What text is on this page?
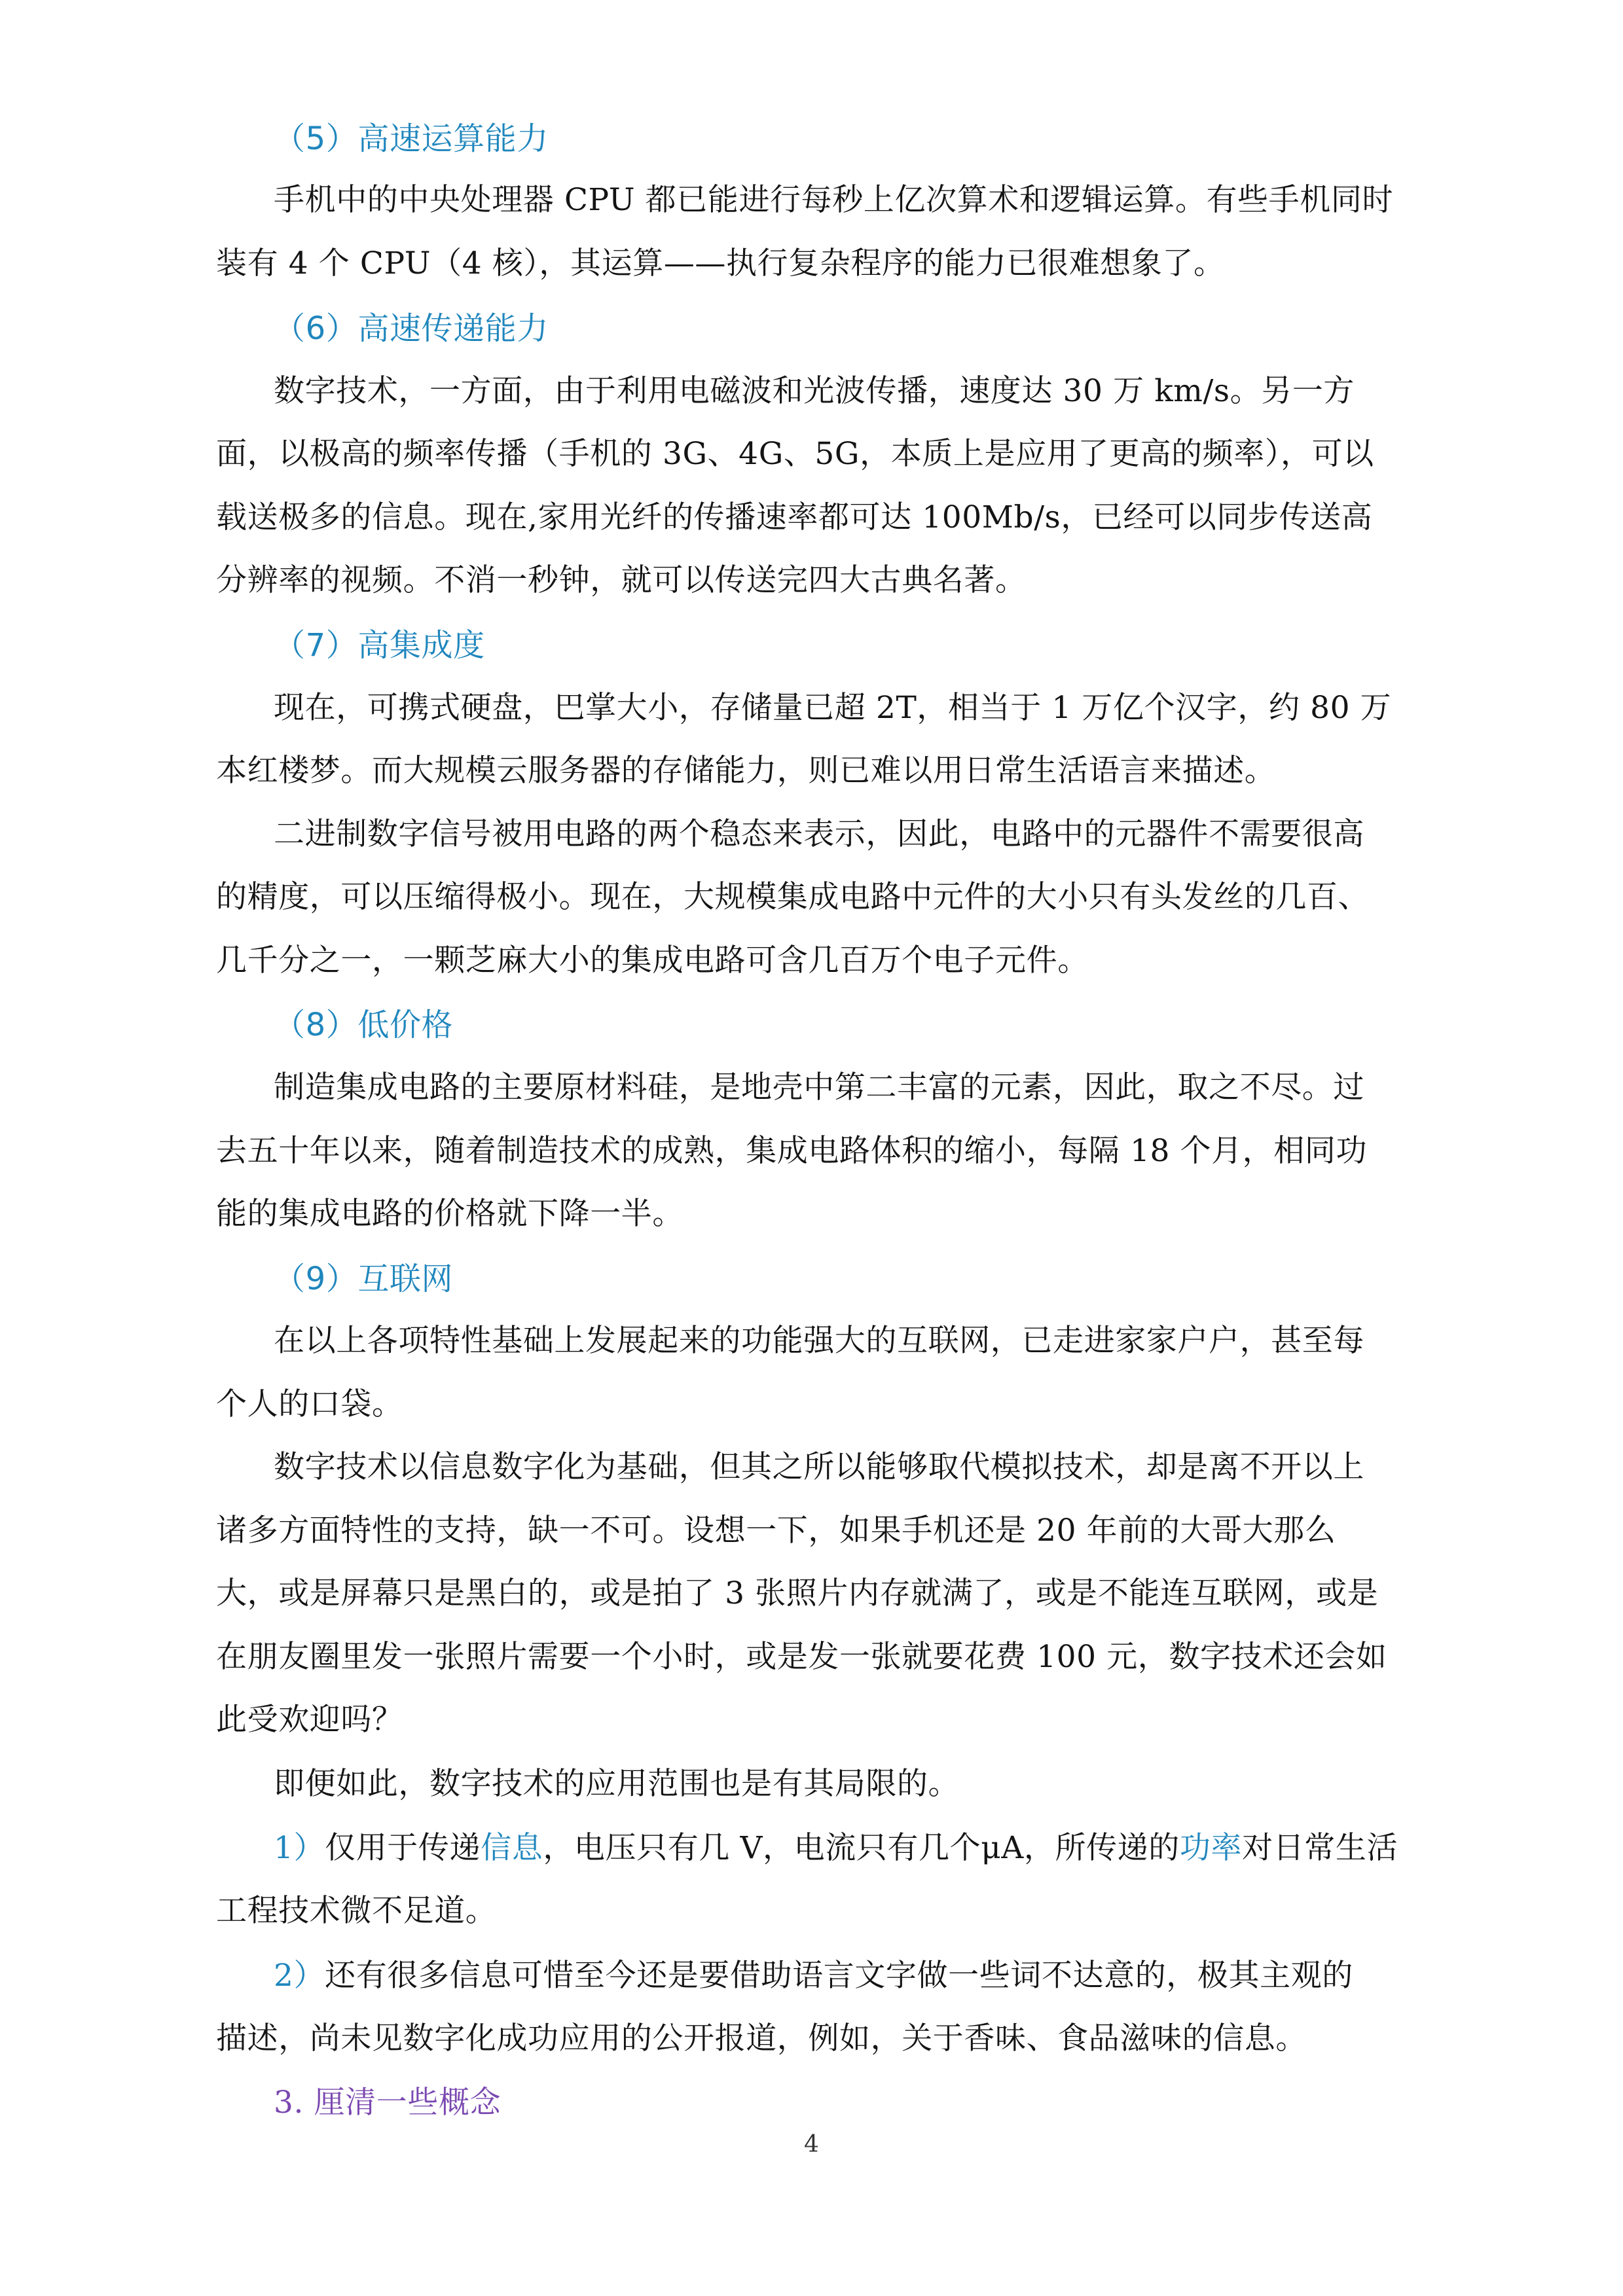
（5）高速运算能力

手机中的中央处理器 CPU 都已能进行每秒上亿次算术和逻辑运算。有些手机同时

装有 4 个 CPU（4 核），其运算——执行复杂程序的能力已很难想象了。

（6）高速传递能力

数字技术，一方面，由于利用电磁波和光波传播，速度达 30 万 km/s。另一方

面，以极高的频率传播（手机的 3G、4G、5G，本质上是应用了更高的频率），可以

载送极多的信息。现在,家用光纤的传播速率都可达 100Mb/s，已经可以同步传送高

分辨率的视频。不消一秒钟，就可以传送完四大古典名著。

（7）高集成度

现在，可携式硬盘，巴掌大小，存储量已超 2T，相当于 1 万亿个汉字，约 80 万

本红楼梦。而大规模云服务器的存储能力，则已难以用日常生活语言来描述。

二进制数字信号被用电路的两个稳态来表示，因此，电路中的元器件不需要很高

的精度，可以压缩得极小。现在，大规模集成电路中元件的大小只有头发丝的几百、

几千分之一，一颗芝麻大小的集成电路可含几百万个电子元件。

（8）低价格

制造集成电路的主要原材料硅，是地壳中第二丰富的元素，因此，取之不尽。过

去五十年以来，随着制造技术的成熟，集成电路体积的缩小，每隔 18 个月，相同功

能的集成电路的价格就下降一半。

（9）互联网

在以上各项特性基础上发展起来的功能强大的互联网，已走进家家户户，甚至每

个人的口袋。

数字技术以信息数字化为基础，但其之所以能够取代模拟技术，却是离不开以上

诸多方面特性的支持，缺一不可。设想一下，如果手机还是 20 年前的大哥大那么

大，或是屏幕只是黑白的，或是拍了 3 张照片内存就满了，或是不能连互联网，或是

在朋友圈里发一张照片需要一个小时，或是发一张就要花费 100 元，数字技术还会如

此受欢迎吗？

即便如此，数字技术的应用范围也是有其局限的。

1）仅用于传递信息，电压只有几 V，电流只有几个μA，所传递的功率对日常生活

工程技术微不足道。

2）还有很多信息可惜至今还是要借助语言文字做一些词不达意的，极其主观的

描述，尚未见数字化成功应用的公开报道，例如，关于香味、食品滋味的信息。

3. 厘清一些概念

4
